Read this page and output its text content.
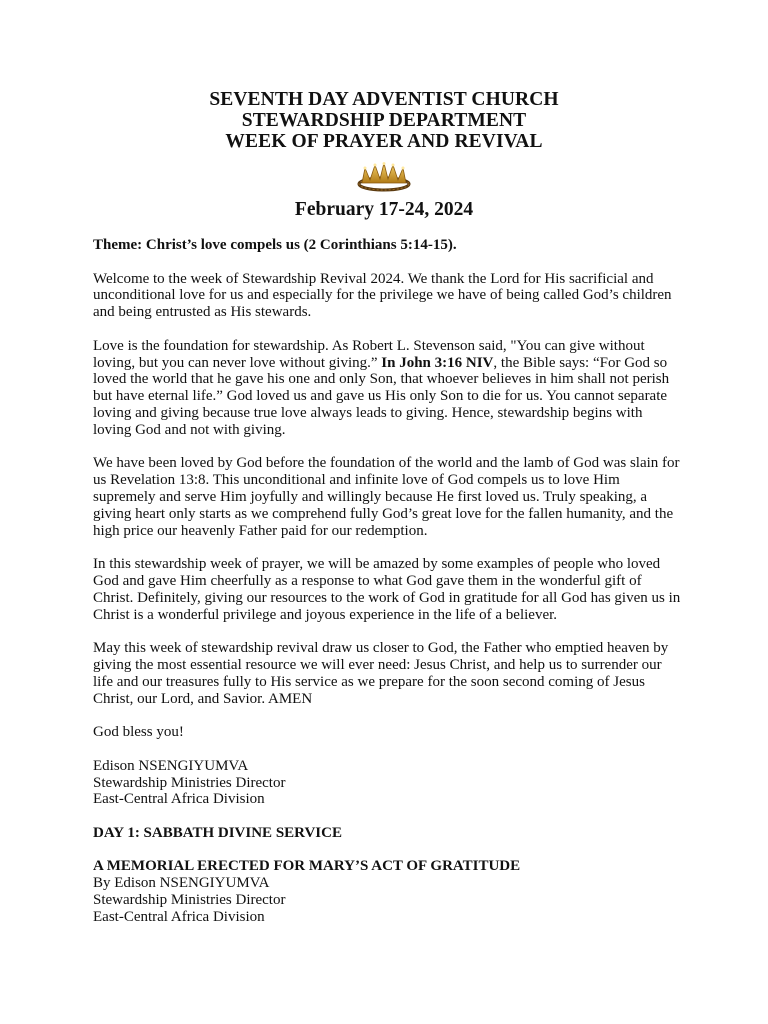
SEVENTH DAY ADVENTIST CHURCH
STEWARDSHIP DEPARTMENT
WEEK OF PRAYER AND REVIVAL
February 17-24, 2024

Theme: Christ’s love compels us (2 Corinthians 5:14-15).

Welcome to the week of Stewardship Revival 2024. We thank the Lord for His sacrificial and unconditional love for us and especially for the privilege we have of being called God’s children and being entrusted as His stewards.

Love is the foundation for stewardship. As Robert L. Stevenson said, "You can give without loving, but you can never love without giving.” In John 3:16 NIV, the Bible says: “For God so loved the world that he gave his one and only Son, that whoever believes in him shall not perish but have eternal life.” God loved us and gave us His only Son to die for us. You cannot separate loving and giving because true love always leads to giving. Hence, stewardship begins with loving God and not with giving.

We have been loved by God before the foundation of the world and the lamb of God was slain for us Revelation 13:8. This unconditional and infinite love of God compels us to love Him supremely and serve Him joyfully and willingly because He first loved us. Truly speaking, a giving heart only starts as we comprehend fully God’s great love for the fallen humanity, and the high price our heavenly Father paid for our redemption.

In this stewardship week of prayer, we will be amazed by some examples of people who loved God and gave Him cheerfully as a response to what God gave them in the wonderful gift of Christ. Definitely, giving our resources to the work of God in gratitude for all God has given us in Christ is a wonderful privilege and joyous experience in the life of a believer.

May this week of stewardship revival draw us closer to God, the Father who emptied heaven by giving the most essential resource we will ever need: Jesus Christ, and help us to surrender our life and our treasures fully to His service as we prepare for the soon second coming of Jesus Christ, our Lord, and Savior. AMEN

God bless you!

Edison NSENGIYUMVA
Stewardship Ministries Director
East-Central Africa Division

DAY 1: SABBATH DIVINE SERVICE

A MEMORIAL ERECTED FOR MARY’S ACT OF GRATITUDE
By Edison NSENGIYUMVA
Stewardship Ministries Director
East-Central Africa Division
